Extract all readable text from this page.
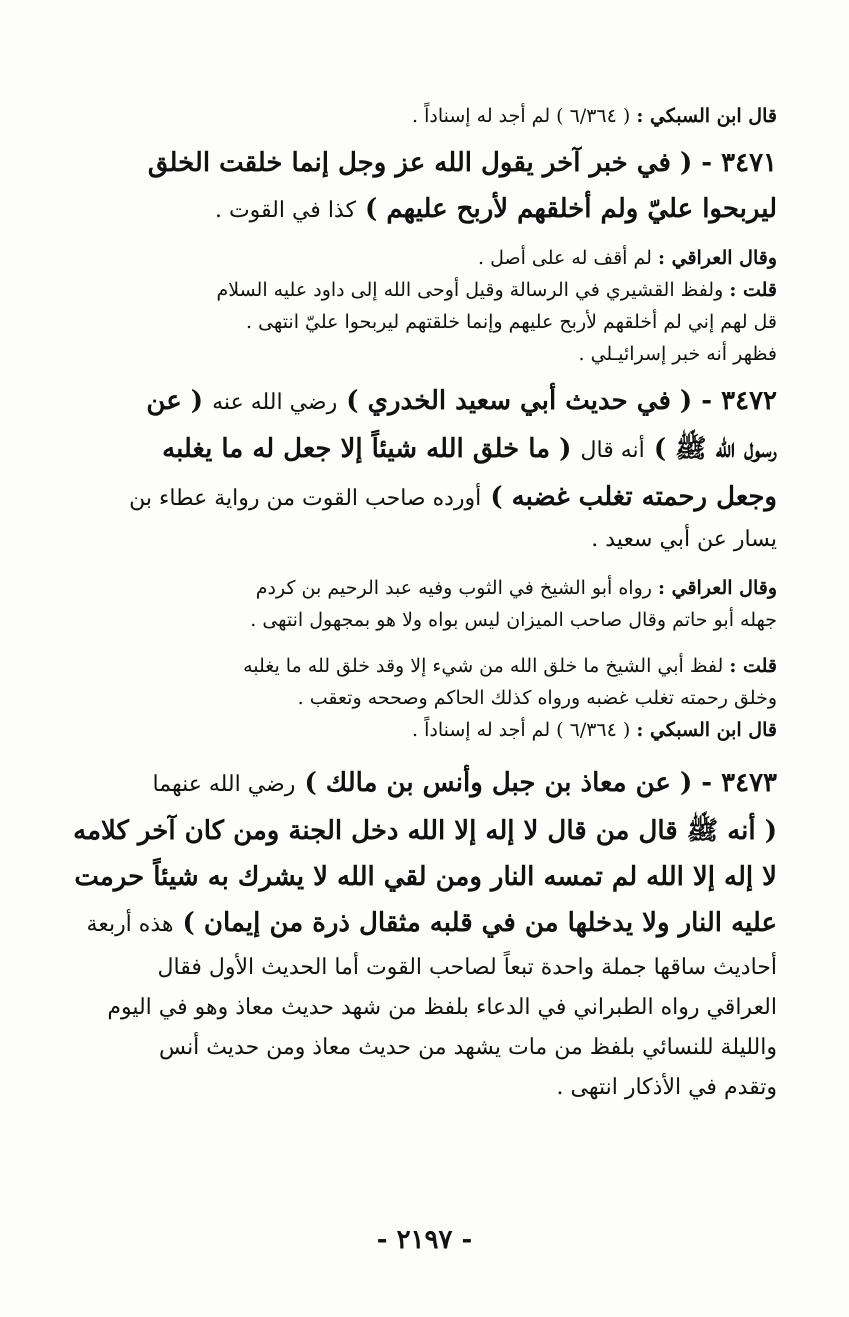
قال ابن السبكي : ( ٦/٣٦٤ ) لم أجد له إسناداً .
٣٤٧١ - ( في خبر آخر يقول الله عز وجل إنما خلقت الخلق
ليربحوا عليّ ولم أخلقهم لأربح عليهم ) كذا في القوت .
وقال العراقي : لم أقف له على أصل .
قلت : ولفظ القشيري في الرسالة وقيل أوحى الله إلى داود عليه السلام
قل لهم إني لم أخلقهم لأربح عليهم وإنما خلقتهم ليربحوا عليّ انتهى .
فظهر أنه خبر إسرائيـلي .
٣٤٧٢ - ( في حديث أبي سعيد الخدري ) رضي الله عنه ( عن
رسول الله ﷺ ) أنه قال ( ما خلق الله شيئاً إلا جعل له ما يغلبه
وجعل رحمته تغلب غضبه ) أورده صاحب القوت من رواية عطاء بن
يسار عن أبي سعيد .
وقال العراقي : رواه أبو الشيخ في الثوب وفيه عبد الرحيم بن كردم
جهله أبو حاتم وقال صاحب الميزان ليس بواه ولا هو بمجهول انتهى .
قلت : لفظ أبي الشيخ ما خلق الله من شيء إلا وقد خلق لله ما يغلبه
وخلق رحمته تغلب غضبه ورواه كذلك الحاكم وصححه وتعقب .
قال ابن السبكي : ( ٦/٣٦٤ ) لم أجد له إسناداً .
٣٤٧٣ - ( عن معاذ بن جبل وأنس بن مالك ) رضي الله عنهما
( أنه ﷺ قال من قال لا إله إلا الله دخل الجنة ومن كان آخر كلامه
لا إله إلا الله لم تمسه النار ومن لقي الله لا يشرك به شيئاً حرمت
عليه النار ولا يدخلها من في قلبه مثقال ذرة من إيمان ) هذه أربعة
أحاديث ساقها جملة واحدة تبعاً لصاحب القوت أما الحديث الأول فقال
العراقي رواه الطبراني في الدعاء بلفظ من شهد حديث معاذ وهو في اليوم
والليلة للنسائي بلفظ من مات يشهد من حديث معاذ ومن حديث أنس
وتقدم في الأذكار انتهى .
- ٢١٩٧ -
